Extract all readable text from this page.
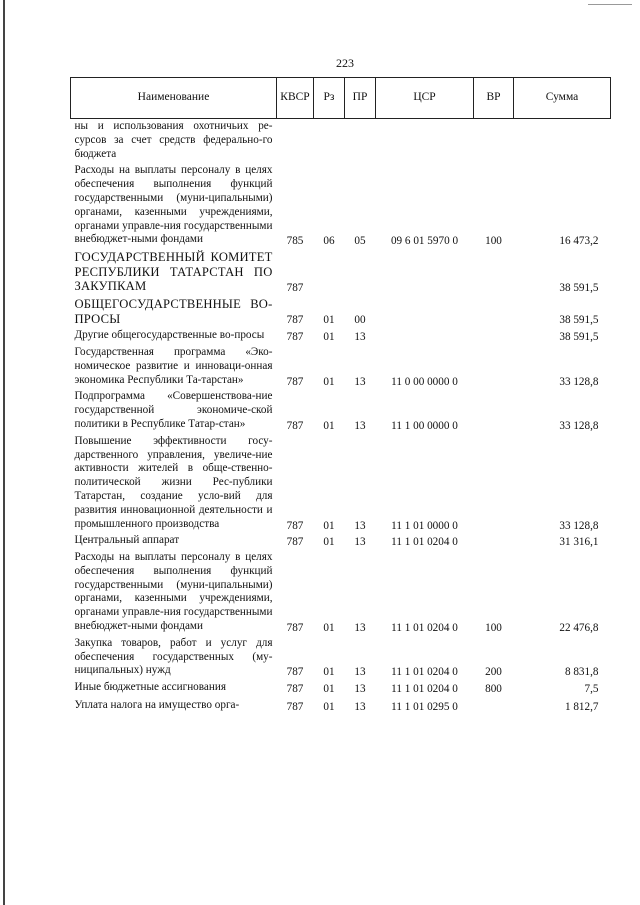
223
Наименование	КВСР	Рз	ПР	ЦСР	ВР	Сумма
ны и использования охотничьих ре-сурсов за счет средств федерально-го бюджета						
Расходы на выплаты персоналу в целях обеспечения выполнения функций государственными (муни-ципальными) органами, казенными учреждениями, органами управле-ния государственными внебюджет-ными фондами	785	06	05	09 6 01 5970 0	100	16 473,2
ГОСУДАРСТВЕННЫЙ КОМИТЕТ РЕСПУБЛИКИ ТАТАРСТАН ПО ЗАКУПКАМ	787					38 591,5
ОБЩЕГОСУДАРСТВЕННЫЕ ВО-ПРОСЫ	787	01	00			38 591,5
Другие общегосударственные во-просы	787	01	13			38 591,5
Государственная программа «Эко-номическое развитие и инноваци-онная экономика Республики Та-тарстан»	787	01	13	11 0 00 0000 0		33 128,8
Подпрограмма «Совершенствова-ние государственной экономиче-ской политики в Республике Татар-стан»	787	01	13	11 1 00 0000 0		33 128,8
Повышение эффективности госу-дарственного управления, увеличе-ние активности жителей в обще-ственно-политической жизни Рес-публики Татарстан, создание усло-вий для развития инновационной деятельности и промышленного производства	787	01	13	11 1 01 0000 0		33 128,8
Центральный аппарат	787	01	13	11 1 01 0204 0		31 316,1
Расходы на выплаты персоналу в целях обеспечения выполнения функций государственными (муни-ципальными) органами, казенными учреждениями, органами управле-ния государственными внебюджет-ными фондами	787	01	13	11 1 01 0204 0	100	22 476,8
Закупка товаров, работ и услуг для обеспечения государственных (му-ниципальных) нужд	787	01	13	11 1 01 0204 0	200	8 831,8
Иные бюджетные ассигнования	787	01	13	11 1 01 0204 0	800	7,5
Уплата налога на имущество орга-	787	01	13	11 1 01 0295 0		1 812,7
